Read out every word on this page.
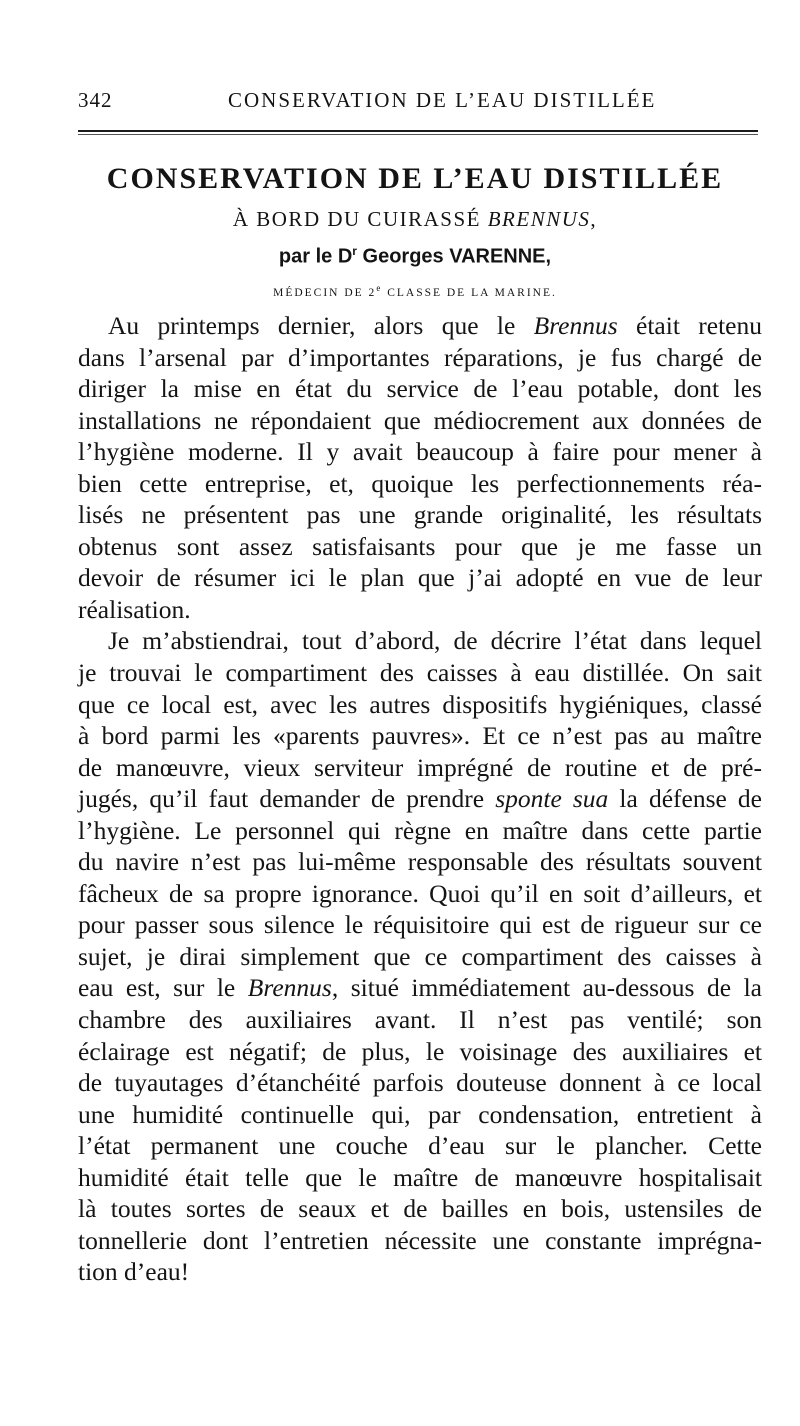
342	CONSERVATION DE L’EAU DISTILLÉE
CONSERVATION DE L’EAU DISTILLÉE
À BORD DU CUIRASSÉ BRENNUS,
par le $D^r$ Georges VARENNE,
MÉDECIN DE 2e CLASSE DE LA MARINE.
Au printemps dernier, alors que le Brennus était retenu
dans l’arsenal par d’importantes réparations, je fus chargé de
diriger la mise en état du service de l’eau potable, dont les
installations ne répondaient que médiocrement aux données de
l’hygiène moderne. Il y avait beaucoup à faire pour mener à
bien cette entreprise, et, quoique les perfectionnements réa-
lisés ne présentent pas une grande originalité, les résultats
obtenus sont assez satisfaisants pour que je me fasse un
devoir de résumer ici le plan que j’ai adopté en vue de leur
réalisation.
Je m’abstiendrai, tout d’abord, de décrire l’état dans lequel
je trouvai le compartiment des caisses à eau distillée. On sait
que ce local est, avec les autres dispositifs hygiéniques, classé
à bord parmi les «parents pauvres». Et ce n’est pas au maître
de manœuvre, vieux serviteur imprégné de routine et de pré-
jugés, qu’il faut demander de prendre sponte sua la défense de
l’hygiène. Le personnel qui règne en maître dans cette partie
du navire n’est pas lui-même responsable des résultats souvent
fâcheux de sa propre ignorance. Quoi qu’il en soit d’ailleurs, et
pour passer sous silence le réquisitoire qui est de rigueur sur ce
sujet, je dirai simplement que ce compartiment des caisses à
eau est, sur le Brennus, situé immédiatement au-dessous de la
chambre des auxiliaires avant. Il n’est pas ventilé; son
éclairage est négatif; de plus, le voisinage des auxiliaires et
de tuyautages d’étanchéité parfois douteuse donnent à ce local
une humidité continuelle qui, par condensation, entretient à
l’état permanent une couche d’eau sur le plancher. Cette
humidité était telle que le maître de manœuvre hospitalisait
là toutes sortes de seaux et de bailles en bois, ustensiles de
tonnellerie dont l’entretien nécessite une constante imprégna-
tion d’eau!
